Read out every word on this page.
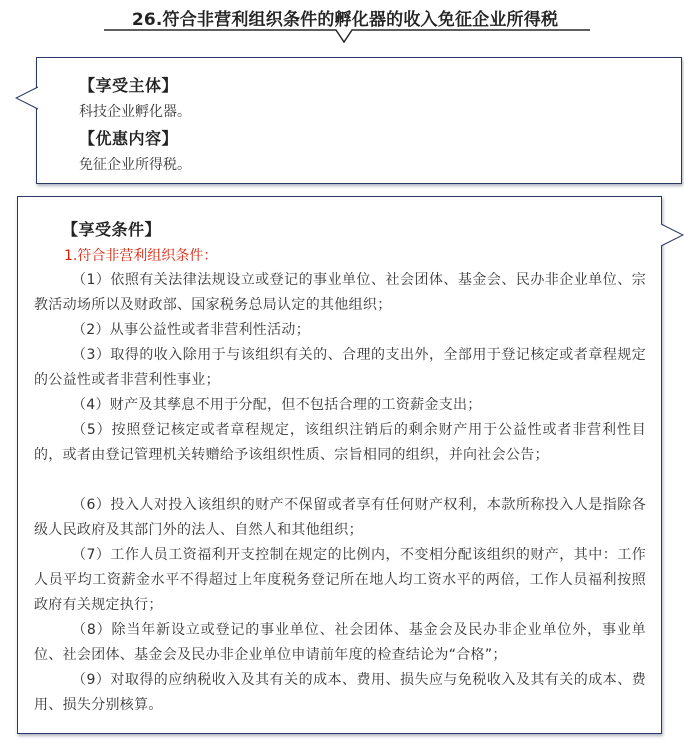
26.符合非营利组织条件的孵化器的收入免征企业所得税
【享受主体】
科技企业孵化器。
【优惠内容】
免征企业所得税。
【享受条件】
1.符合非营利组织条件：

（1）依照有关法律法规设立或登记的事业单位、社会团体、基金会、民办非企业单位、宗教活动场所以及财政部、国家税务总局认定的其他组织；

（2）从事公益性或者非营利性活动；

（3）取得的收入除用于与该组织有关的、合理的支出外，全部用于登记核定或者章程规定的公益性或者非营利性事业；

（4）财产及其孳息不用于分配，但不包括合理的工资薪金支出；

（5）按照登记核定或者章程规定，该组织注销后的剩余财产用于公益性或者非营利性目的，或者由登记管理机关转赠给予该组织性质、宗旨相同的组织，并向社会公告；

（6）投入人对投入该组织的财产不保留或者享有任何财产权利，本款所称投入人是指除各级人民政府及其部门外的法人、自然人和其他组织；

（7）工作人员工资福利开支控制在规定的比例内，不变相分配该组织的财产，其中：工作人员平均工资薪金水平不得超过上年度税务登记所在地人均工资水平的两倍，工作人员福利按照政府有关规定执行；

（8）除当年新设立或登记的事业单位、社会团体、基金会及民办非企业单位外，事业单位、社会团体、基金会及民办非企业单位申请前年度的检查结论为“合格”；

（9）对取得的应纳税收入及其有关的成本、费用、损失应与免税收入及其有关的成本、费用、损失分别核算。
